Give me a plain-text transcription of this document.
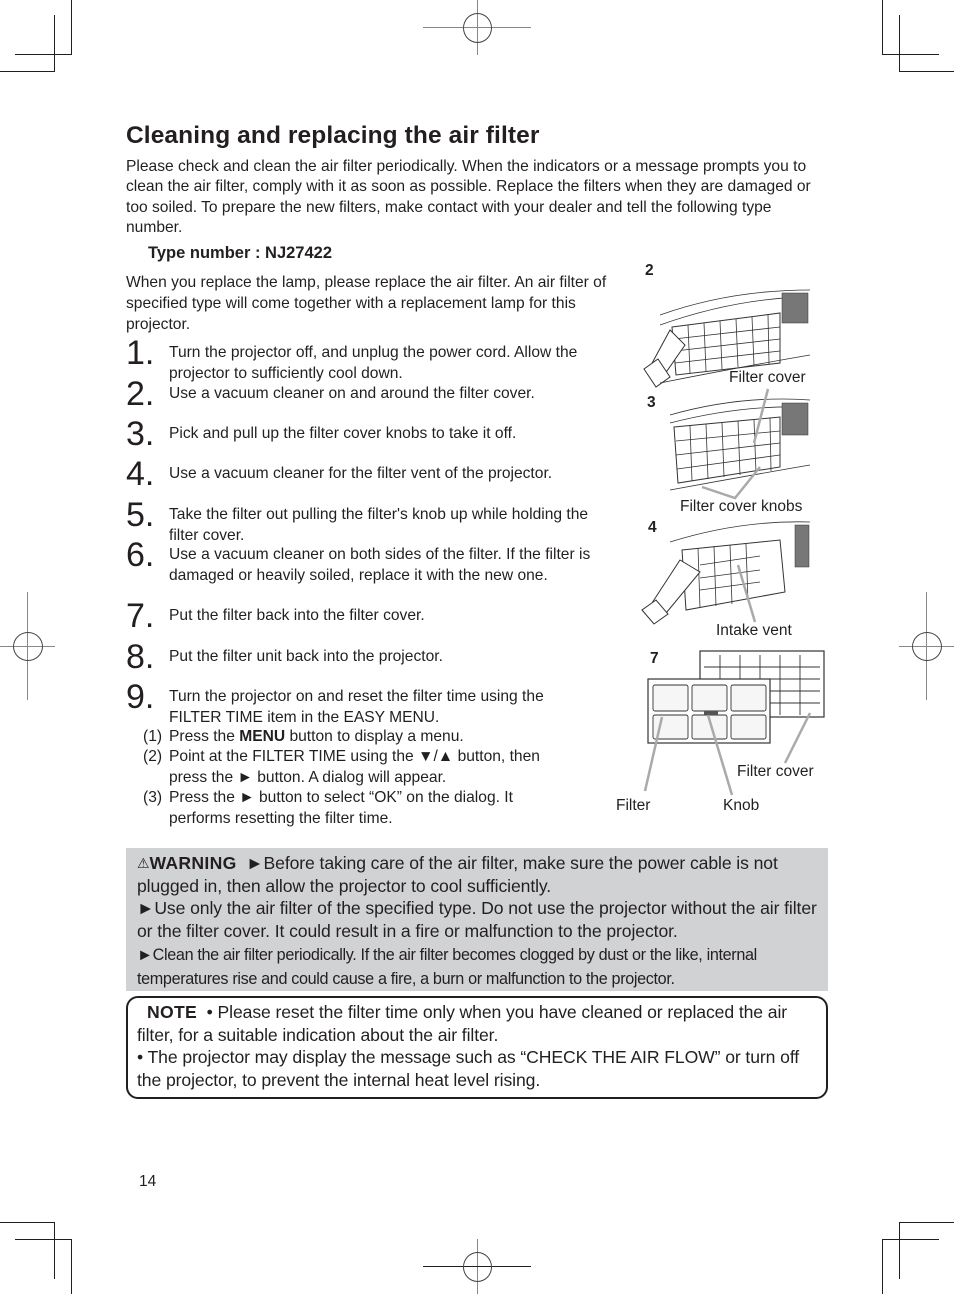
Cleaning and replacing the air filter

Please check and clean the air filter periodically. When the indicators or a message prompts you to clean the air filter, comply with it as soon as possible. Replace the filters when they are damaged or too soiled. To prepare the new filters, make contact with your dealer and tell the following type number.

Type number : NJ27422

When you replace the lamp, please replace the air filter. An air filter of specified type will come together with a replacement lamp for this projector.

1. Turn the projector off, and unplug the power cord. Allow the projector to sufficiently cool down.
2. Use a vacuum cleaner on and around the filter cover.
3. Pick and pull up the filter cover knobs to take it off.
4. Use a vacuum cleaner for the filter vent of the projector.
5. Take the filter out pulling the filter's knob up while holding the filter cover.
6. Use a vacuum cleaner on both sides of the filter. If the filter is damaged or heavily soiled, replace it with the new one.
7. Put the filter back into the filter cover.
8. Put the filter unit back into the projector.
9. Turn the projector on and reset the filter time using the FILTER TIME item in the EASY MENU.
(1) Press the MENU button to display a menu.
(2) Point at the FILTER TIME using the ▼/▲ button, then
press the ► button. A dialog will appear.
(3) Press the ► button to select “OK” on the dialog. It
performs resetting the filter time.
2
Filter cover
3
Filter cover knobs
4
Intake vent
7
Filter cover
Filter	Knob
⚠WARNING ►Before taking care of the air filter, make sure the power cable is not plugged in, then allow the projector to cool sufficiently.
►Use only the air filter of the specified type. Do not use the projector without the air filter or the filter cover. It could result in a fire or malfunction to the projector.
►Clean the air filter periodically. If the air filter becomes clogged by dust or the like, internal temperatures rise and could cause a fire, a burn or malfunction to the projector.
NOTE • Please reset the filter time only when you have cleaned or replaced the air filter, for a suitable indication about the air filter.
• The projector may display the message such as “CHECK THE AIR FLOW” or turn off the projector, to prevent the internal heat level rising.
14
